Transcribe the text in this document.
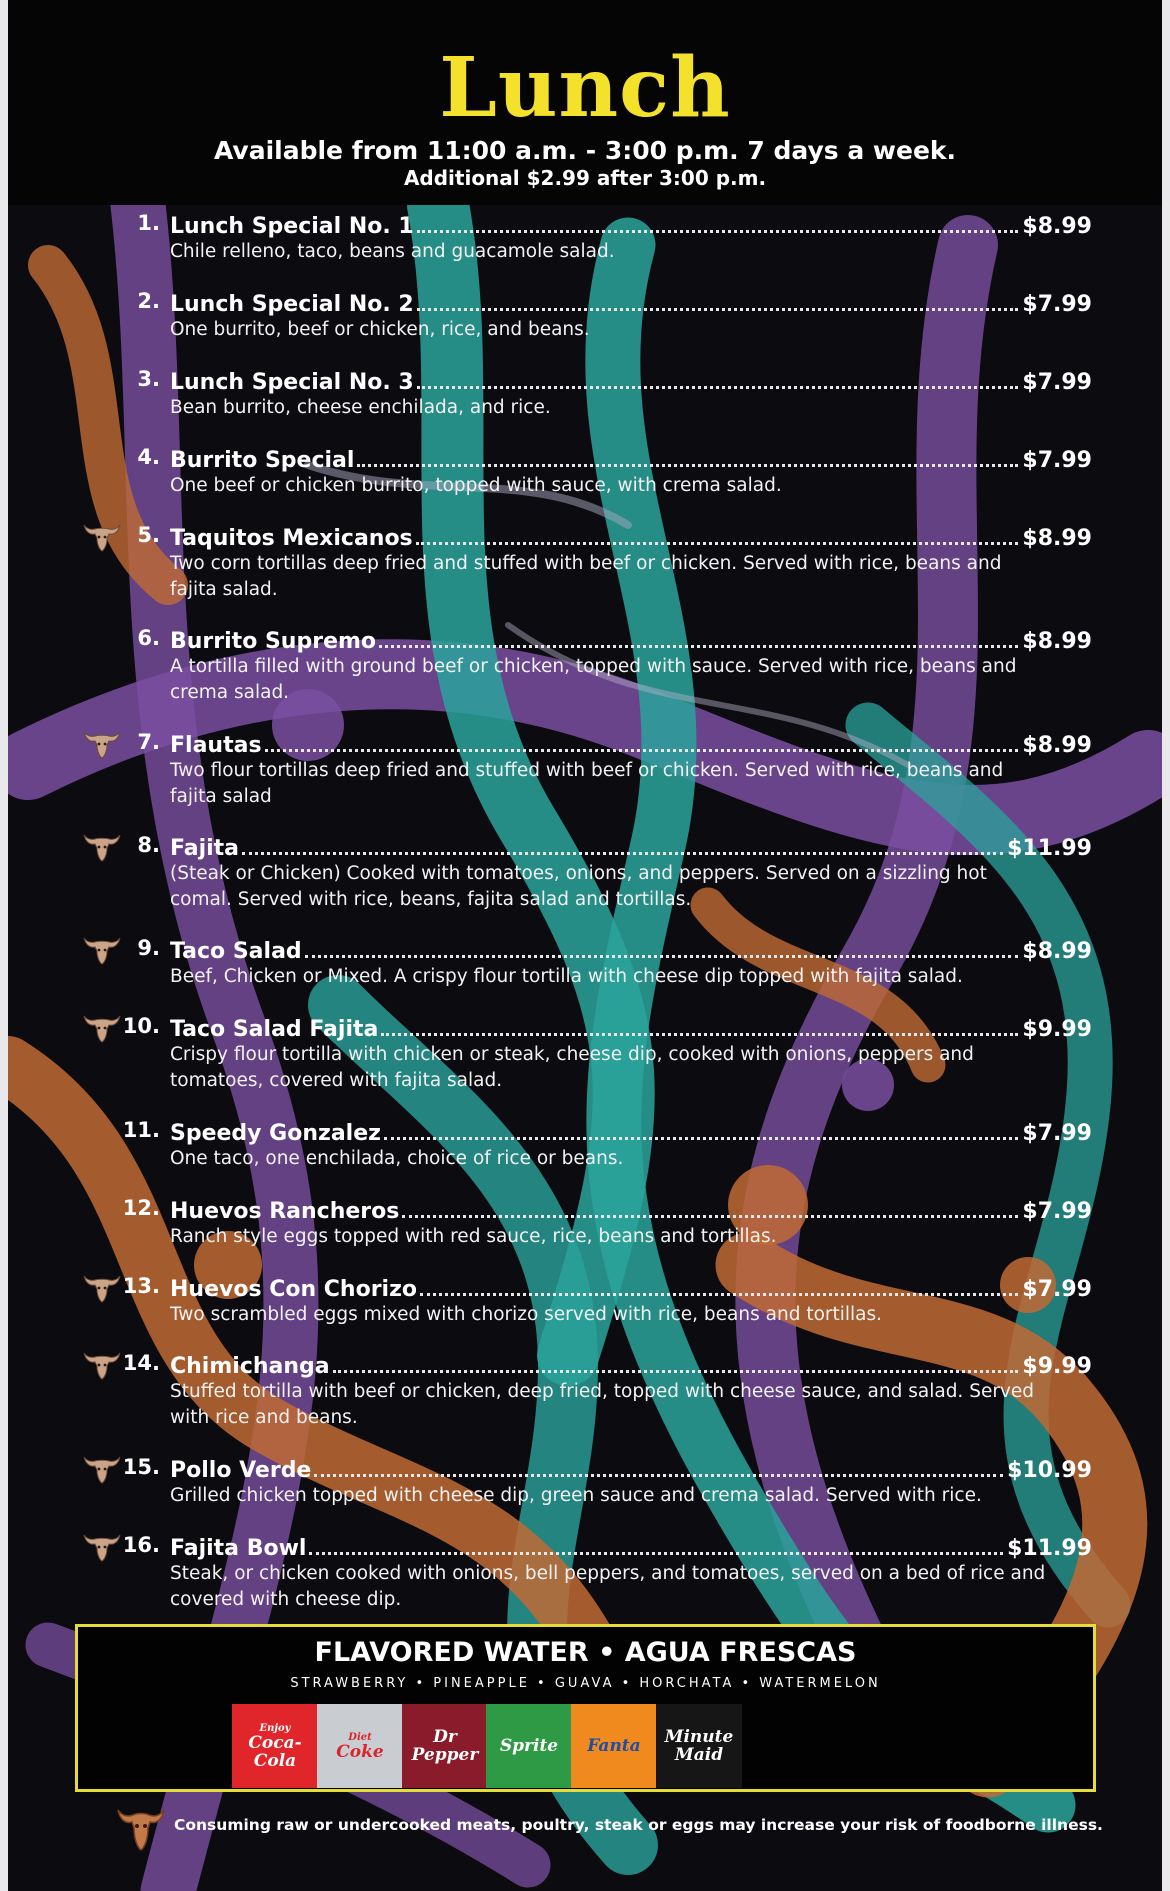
Lunch
Available from 11:00 a.m. - 3:00 p.m. 7 days a week.
Additional $2.99 after 3:00 p.m.
1. Lunch Special No. 1	$8.99
Chile relleno, taco, beans and guacamole salad.
2. Lunch Special No. 2	$7.99
One burrito, beef or chicken, rice, and beans.
3. Lunch Special No. 3	$7.99
Bean burrito, cheese enchilada, and rice.
4. Burrito Special	$7.99
One beef or chicken burrito, topped with sauce, with crema salad.
5. Taquitos Mexicanos	$8.99
Two corn tortillas deep fried and stuffed with beef or chicken. Served with rice, beans and fajita salad.
6. Burrito Supremo	$8.99
A tortilla filled with ground beef or chicken, topped with sauce. Served with rice, beans and crema salad.
7. Flautas	$8.99
Two flour tortillas deep fried and stuffed with beef or chicken. Served with rice, beans and fajita salad
8. Fajita	$11.99
(Steak or Chicken) Cooked with tomatoes, onions, and peppers. Served on a sizzling hot comal. Served with rice, beans, fajita salad and tortillas.
9. Taco Salad	$8.99
Beef, Chicken or Mixed. A crispy flour tortilla with cheese dip topped with fajita salad.
10. Taco Salad Fajita	$9.99
Crispy flour tortilla with chicken or steak, cheese dip, cooked with onions, peppers and tomatoes, covered with fajita salad.
11. Speedy Gonzalez	$7.99
One taco, one enchilada, choice of rice or beans.
12. Huevos Rancheros	$7.99
Ranch style eggs topped with red sauce, rice, beans and tortillas.
13. Huevos Con Chorizo	$7.99
Two scrambled eggs mixed with chorizo served with rice, beans and tortillas.
14. Chimichanga	$9.99
Stuffed tortilla with beef or chicken, deep fried, topped with cheese sauce, and salad. Served with rice and beans.
15. Pollo Verde	$10.99
Grilled chicken topped with cheese dip, green sauce and crema salad. Served with rice.
16. Fajita Bowl	$11.99
Steak, or chicken cooked with onions, bell peppers, and tomatoes, served on a bed of rice and covered with cheese dip.
FLAVORED WATER • AGUA FRESCAS
STRAWBERRY • PINEAPPLE • GUAVA • HORCHATA • WATERMELON
Enjoy
Coca-Cola
Diet
Coke
Dr Pepper	Sprite Fanta Minute Maid
Consuming raw or undercooked meats, poultry, steak or eggs may increase your risk of foodborne illness.
